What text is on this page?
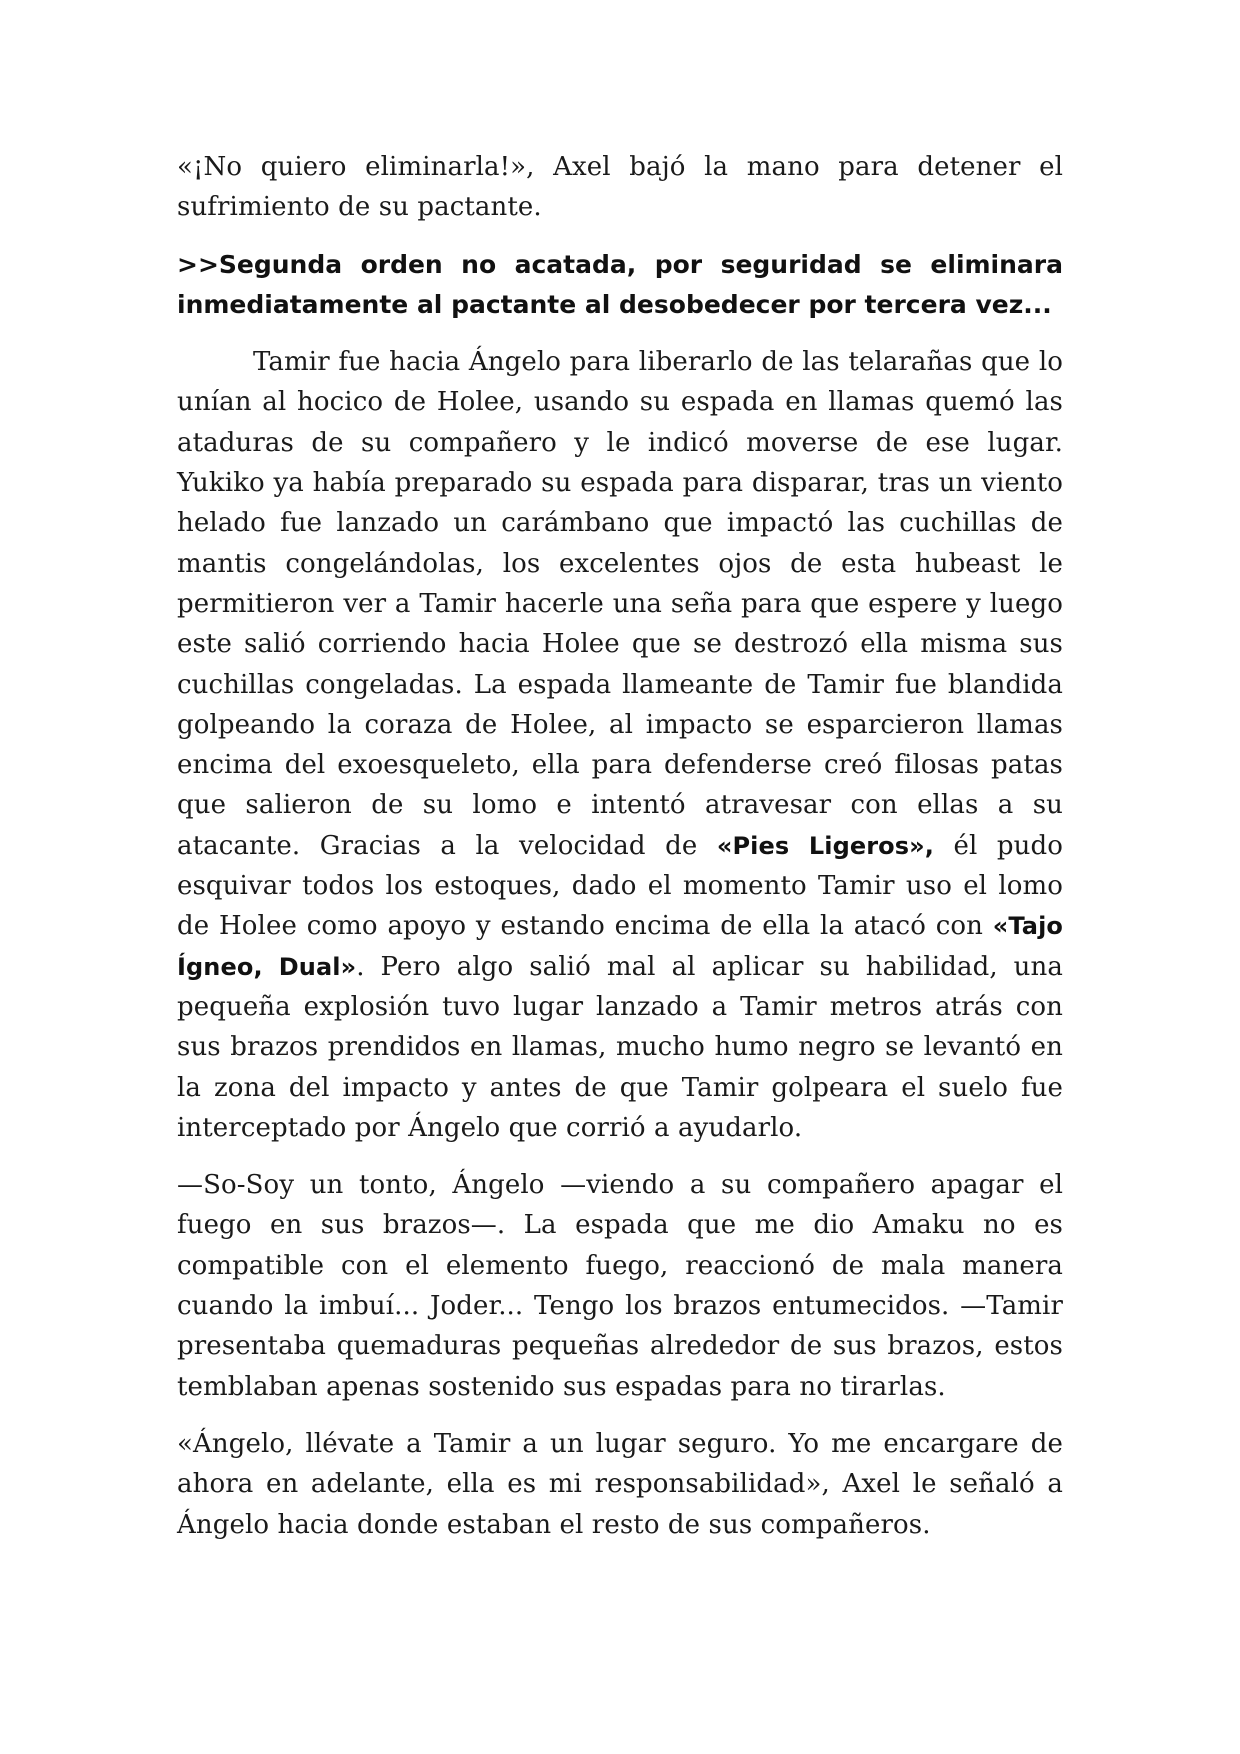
«¡No quiero eliminarla!», Axel bajó la mano para detener el sufrimiento de su pactante.

>>Segunda orden no acatada, por seguridad se eliminara inmediatamente al pactante al desobedecer por tercera vez...

Tamir fue hacia Ángelo para liberarlo de las telarañas que lo unían al hocico de Holee, usando su espada en llamas quemó las ataduras de su compañero y le indicó moverse de ese lugar. Yukiko ya había preparado su espada para disparar, tras un viento helado fue lanzado un carámbano que impactó las cuchillas de mantis congelándolas, los excelentes ojos de esta hubeast le permitieron ver a Tamir hacerle una seña para que espere y luego este salió corriendo hacia Holee que se destrozó ella misma sus cuchillas congeladas. La espada llameante de Tamir fue blandida golpeando la coraza de Holee, al impacto se esparcieron llamas encima del exoesqueleto, ella para defenderse creó filosas patas que salieron de su lomo e intentó atravesar con ellas a su atacante. Gracias a la velocidad de «Pies Ligeros», él pudo esquivar todos los estoques, dado el momento Tamir uso el lomo de Holee como apoyo y estando encima de ella la atacó con «Tajo Ígneo, Dual». Pero algo salió mal al aplicar su habilidad, una pequeña explosión tuvo lugar lanzado a Tamir metros atrás con sus brazos prendidos en llamas, mucho humo negro se levantó en la zona del impacto y antes de que Tamir golpeara el suelo fue interceptado por Ángelo que corrió a ayudarlo.

—So-Soy un tonto, Ángelo —viendo a su compañero apagar el fuego en sus brazos—. La espada que me dio Amaku no es compatible con el elemento fuego, reaccionó de mala manera cuando la imbuí... Joder... Tengo los brazos entumecidos. —Tamir presentaba quemaduras pequeñas alrededor de sus brazos, estos temblaban apenas sostenido sus espadas para no tirarlas.

«Ángelo, llévate a Tamir a un lugar seguro. Yo me encargare de ahora en adelante, ella es mi responsabilidad», Axel le señaló a Ángelo hacia donde estaban el resto de sus compañeros.
